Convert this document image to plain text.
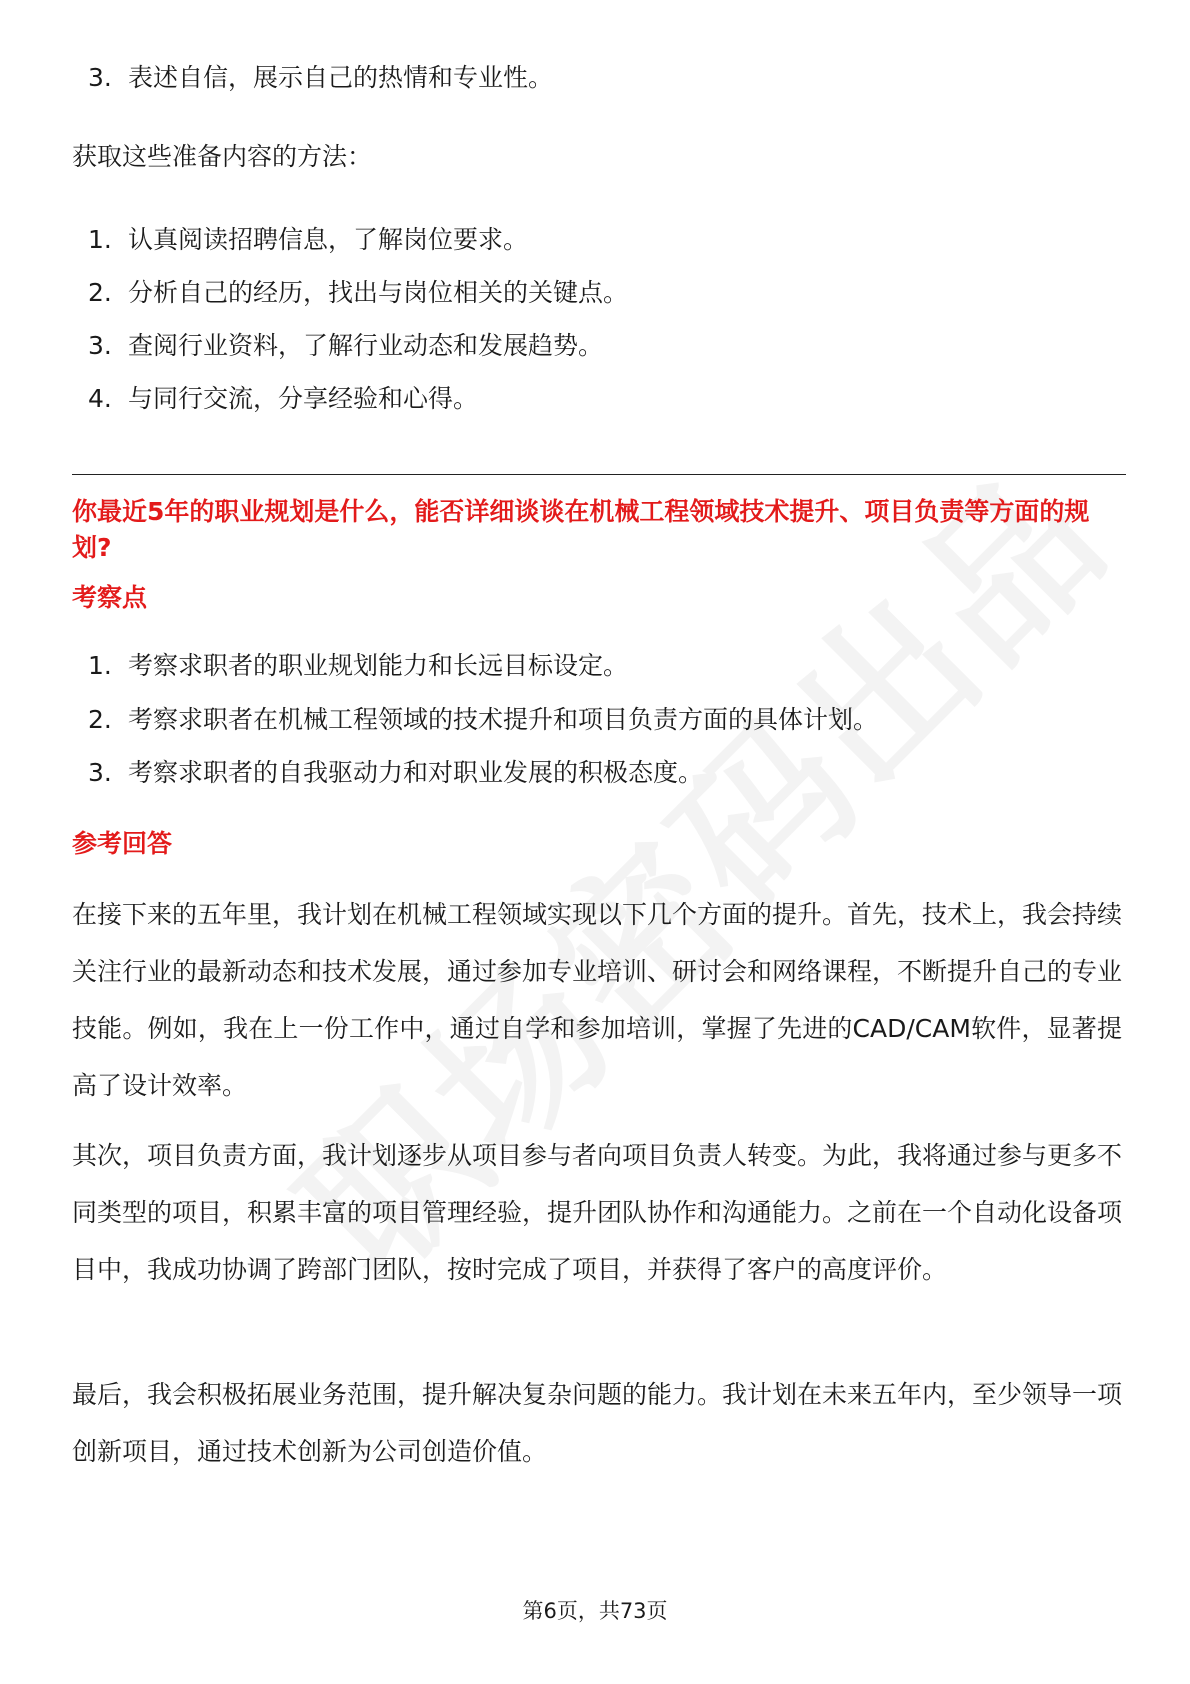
3. 表述自信，展示自己的热情和专业性。
获取这些准备内容的方法：
1. 认真阅读招聘信息，了解岗位要求。
2. 分析自己的经历，找出与岗位相关的关键点。
3. 查阅行业资料，了解行业动态和发展趋势。
4. 与同行交流，分享经验和心得。
你最近5年的职业规划是什么，能否详细谈谈在机械工程领域技术提升、项目负责等方面的规划?
考察点
1. 考察求职者的职业规划能力和长远目标设定。
2. 考察求职者在机械工程领域的技术提升和项目负责方面的具体计划。
3. 考察求职者的自我驱动力和对职业发展的积极态度。
参考回答
在接下来的五年里，我计划在机械工程领域实现以下几个方面的提升。首先，技术上，我会持续关注行业的最新动态和技术发展，通过参加专业培训、研讨会和网络课程，不断提升自己的专业技能。例如，我在上一份工作中，通过自学和参加培训，掌握了先进的CAD/CAM软件，显著提高了设计效率。
其次，项目负责方面，我计划逐步从项目参与者向项目负责人转变。为此，我将通过参与更多不同类型的项目，积累丰富的项目管理经验，提升团队协作和沟通能力。之前在一个自动化设备项目中，我成功协调了跨部门团队，按时完成了项目，并获得了客户的高度评价。
最后，我会积极拓展业务范围，提升解决复杂问题的能力。我计划在未来五年内，至少领导一项创新项目，通过技术创新为公司创造价值。
第6页，共73页
